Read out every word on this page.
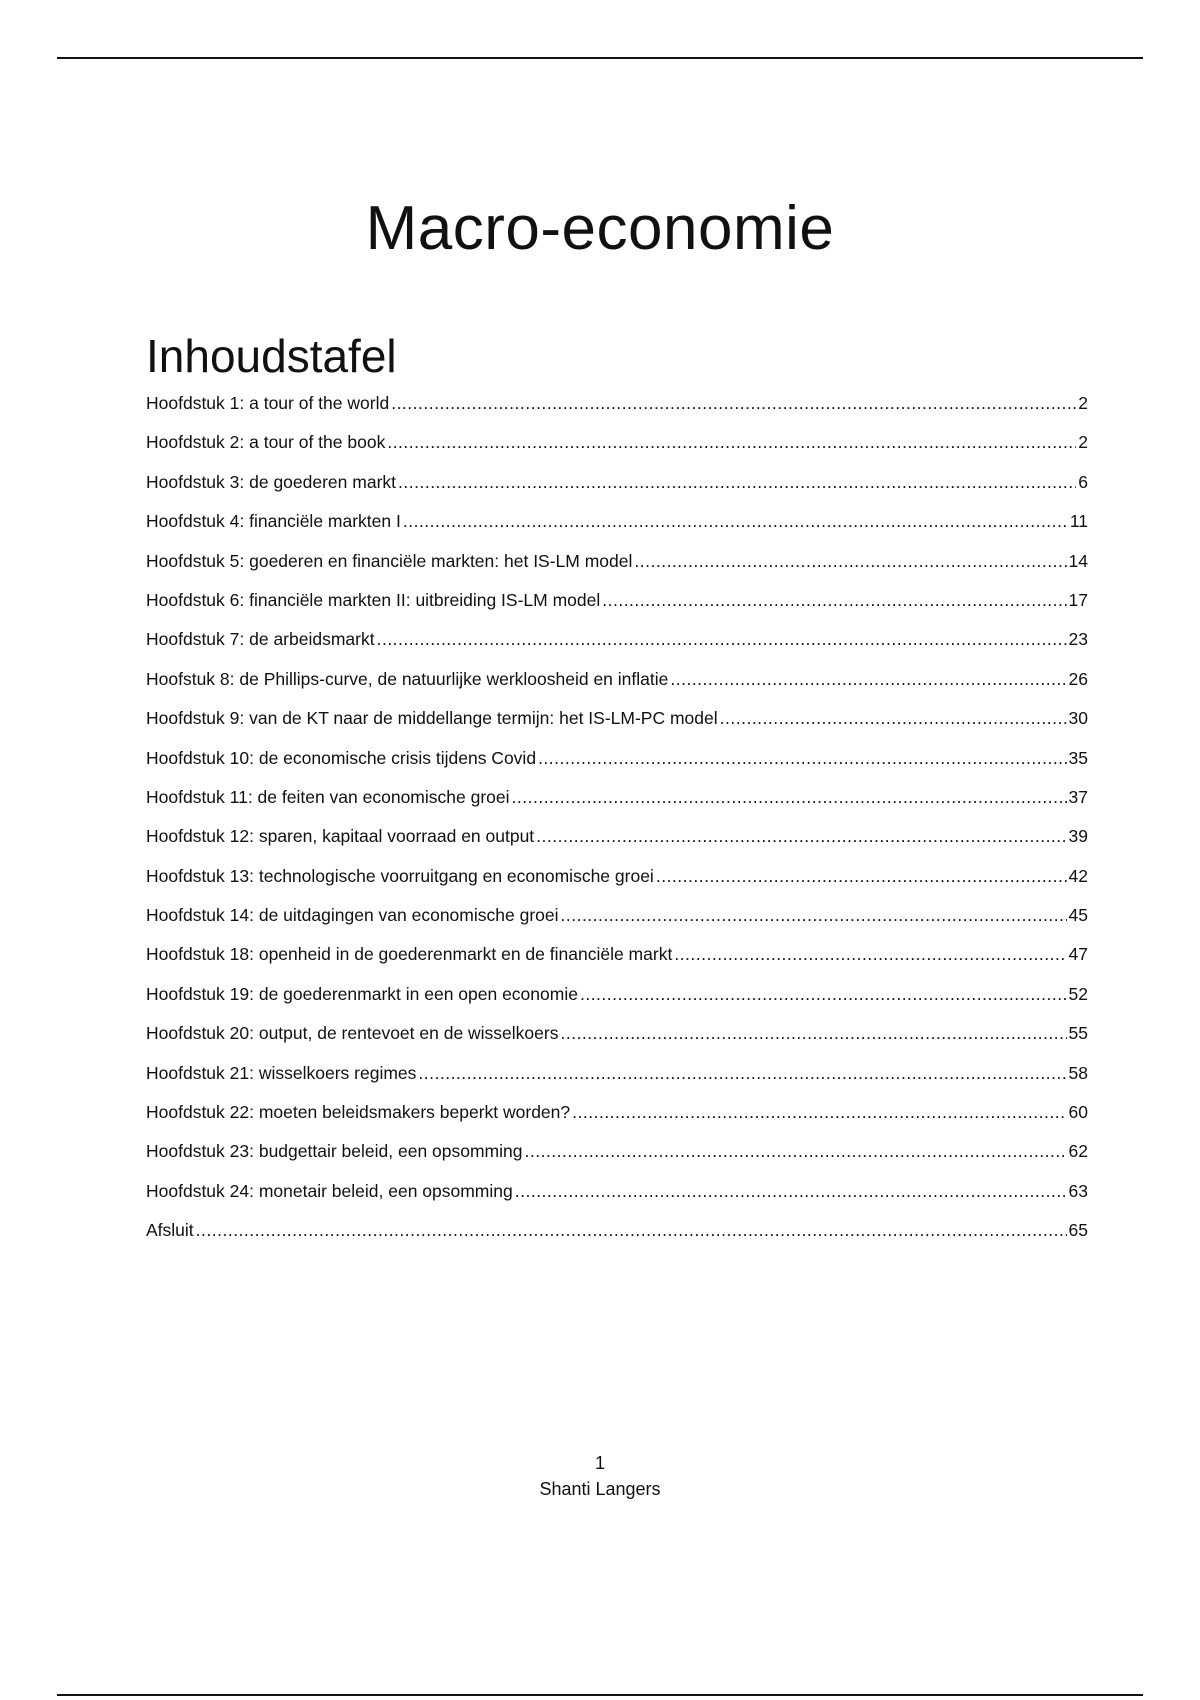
Macro-economie
Inhoudstafel
Hoofdstuk 1: a tour of the world .....	2
Hoofdstuk 2: a tour of the book .....	2
Hoofdstuk 3: de goederen markt .....	6
Hoofdstuk 4: financiële markten I .....	11
Hoofdstuk 5: goederen en financiële markten: het IS-LM model .....	14
Hoofdstuk 6: financiële markten II: uitbreiding IS-LM model .....	17
Hoofdstuk 7: de arbeidsmarkt .....	23
Hoofstuk 8: de Phillips-curve, de natuurlijke werkloosheid en inflatie .....	26
Hoofdstuk 9: van de KT naar de middellange termijn: het IS-LM-PC model .....	30
Hoofdstuk 10: de economische crisis tijdens Covid .....	35
Hoofdstuk 11: de feiten van economische groei .....	37
Hoofdstuk 12: sparen, kapitaal voorraad en output .....	39
Hoofdstuk 13: technologische voorruitgang en economische groei .....	42
Hoofdstuk 14: de uitdagingen van economische groei .....	45
Hoofdstuk 18: openheid in de goederenmarkt en de financiële markt .....	47
Hoofdstuk 19: de goederenmarkt in een open economie .....	52
Hoofdstuk 20: output, de rentevoet en de wisselkoers .....	55
Hoofdstuk 21: wisselkoers regimes .....	58
Hoofdstuk 22: moeten beleidsmakers beperkt worden? .....	60
Hoofdstuk 23: budgettair beleid, een opsomming .....	62
Hoofdstuk 24: monetair beleid, een opsomming .....	63
Afsluit .....	65
1
Shanti Langers
